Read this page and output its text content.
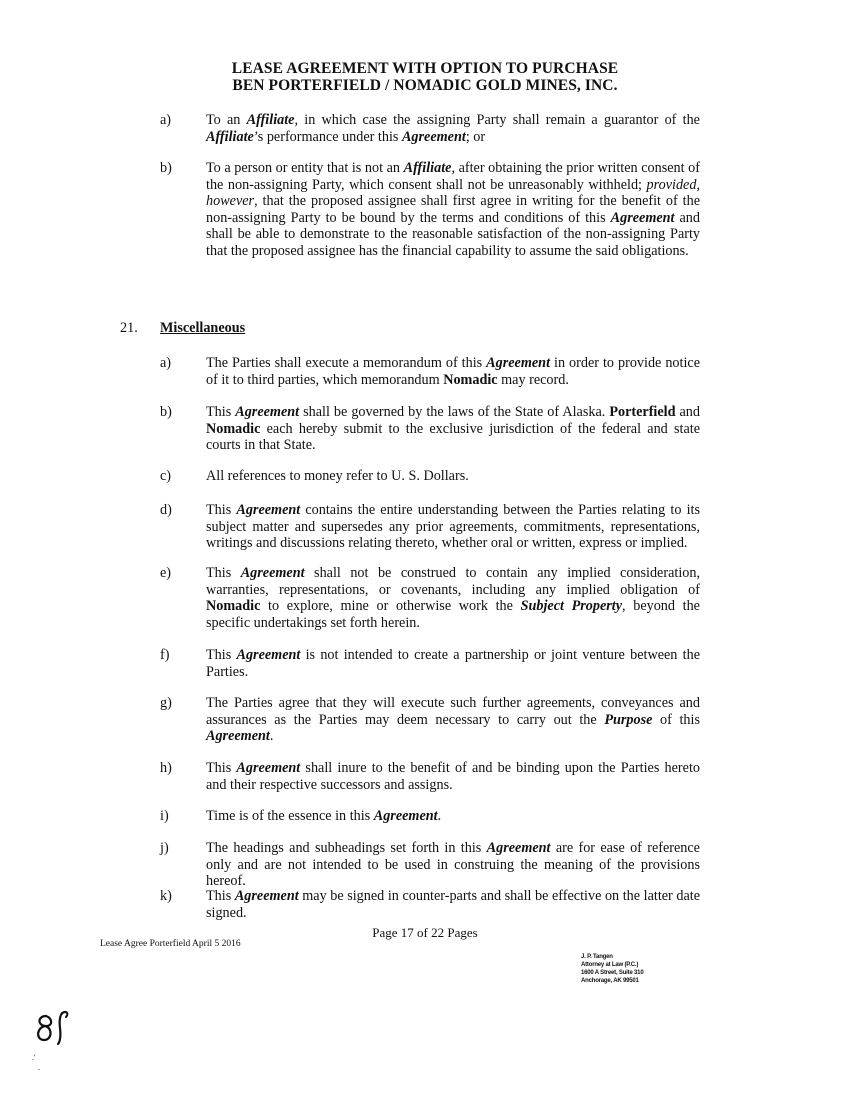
LEASE AGREEMENT WITH OPTION TO PURCHASE
BEN PORTERFIELD / NOMADIC GOLD MINES, INC.
a) To an Affiliate, in which case the assigning Party shall remain a guarantor of the Affiliate’s performance under this Agreement; or
b) To a person or entity that is not an Affiliate, after obtaining the prior written consent of the non-assigning Party, which consent shall not be unreasonably withheld; provided, however, that the proposed assignee shall first agree in writing for the benefit of the non-assigning Party to be bound by the terms and conditions of this Agreement and shall be able to demonstrate to the reasonable satisfaction of the non-assigning Party that the proposed assignee has the financial capability to assume the said obligations.
21. Miscellaneous
a) The Parties shall execute a memorandum of this Agreement in order to provide notice of it to third parties, which memorandum Nomadic may record.
b) This Agreement shall be governed by the laws of the State of Alaska. Porterfield and Nomadic each hereby submit to the exclusive jurisdiction of the federal and state courts in that State.
c) All references to money refer to U. S. Dollars.
d) This Agreement contains the entire understanding between the Parties relating to its subject matter and supersedes any prior agreements, commitments, representations, writings and discussions relating thereto, whether oral or written, express or implied.
e) This Agreement shall not be construed to contain any implied consideration, warranties, representations, or covenants, including any implied obligation of Nomadic to explore, mine or otherwise work the Subject Property, beyond the specific undertakings set forth herein.
f)	This Agreement is not intended to create a partnership or joint venture between the Parties.
g) The Parties agree that they will execute such further agreements, conveyances and assurances as the Parties may deem necessary to carry out the Purpose of this Agreement.
h) This Agreement shall inure to the benefit of and be binding upon the Parties hereto and their respective successors and assigns.
i)	Time is of the essence in this Agreement.
j)	The headings and subheadings set forth in this Agreement are for ease of reference only and are not intended to be used in construing the meaning of the provisions hereof.
k) This Agreement may be signed in counter-parts and shall be effective on the latter date signed.
Page 17 of 22 Pages
Lease Agree Porterfield April 5 2016
J. P. Tangen
Attorney at Law (P.C.)
1600 A Street, Suite 310
Anchorage, AK 99501
.′
.
